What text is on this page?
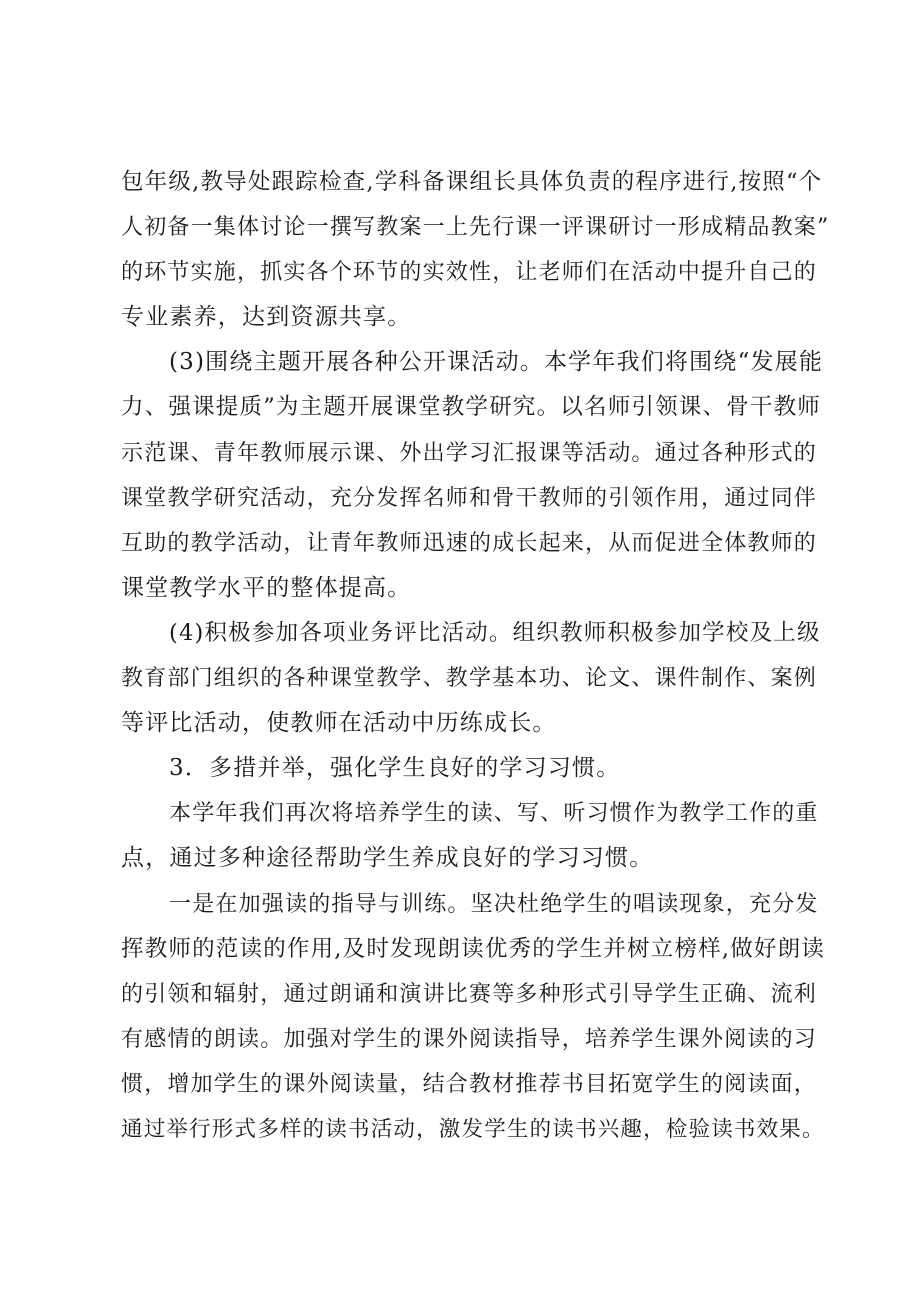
包年级,教导处跟踪检查,学科备课组长具体负责的程序进行,按照“个
人初备一集体讨论一撰写教案一上先行课一评课研讨一形成精品教案”
的环节实施，抓实各个环节的实效性，让老师们在活动中提升自己的
专业素养，达到资源共享。
(3)围绕主题开展各种公开课活动。本学年我们将围绕“发展能
力、强课提质”为主题开展课堂教学研究。以名师引领课、骨干教师
示范课、青年教师展示课、外出学习汇报课等活动。通过各种形式的
课堂教学研究活动，充分发挥名师和骨干教师的引领作用，通过同伴
互助的教学活动，让青年教师迅速的成长起来，从而促进全体教师的
课堂教学水平的整体提高。
(4)积极参加各项业务评比活动。组织教师积极参加学校及上级
教育部门组织的各种课堂教学、教学基本功、论文、课件制作、案例
等评比活动，使教师在活动中历练成长。
3．多措并举，强化学生良好的学习习惯。
本学年我们再次将培养学生的读、写、听习惯作为教学工作的重
点，通过多种途径帮助学生养成良好的学习习惯。
一是在加强读的指导与训练。坚决杜绝学生的唱读现象，充分发
挥教师的范读的作用,及时发现朗读优秀的学生并树立榜样,做好朗读
的引领和辐射，通过朗诵和演讲比赛等多种形式引导学生正确、流利
有感情的朗读。加强对学生的课外阅读指导，培养学生课外阅读的习
惯，增加学生的课外阅读量，结合教材推荐书目拓宽学生的阅读面，
通过举行形式多样的读书活动，激发学生的读书兴趣，检验读书效果。
